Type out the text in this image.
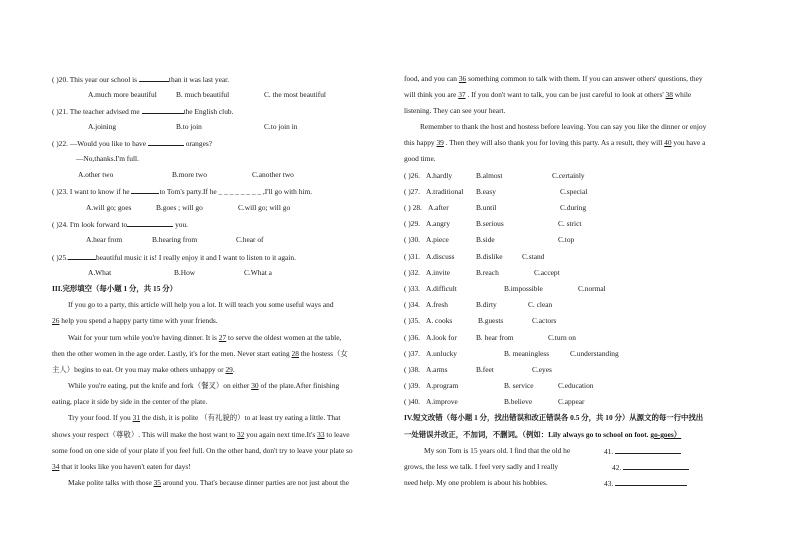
( )20. This year our school is	than it was last year.
A.much more beautiful	B. much beautiful	C. the most beautiful
( )21. The teacher advised me	the English club.
A.joining	B.to join	C.to join in
( )22. —Would you like to have	oranges?
—No,thanks.I'm full.
A.other two	B.more two	C.another two
( )23. I want to know if he	to Tom's party.If he _ _ _ _ _ _ _ _ ,I'll go with him.
A.will go; goes	B.goes ; will go	C.will go; will go
( )24. I'm look forward to	you.
A.hear from	B.hearing from	C.hear of
( )25.	beautiful music it is! I really enjoy it and I want to listen to it again.
A.What	B.How	C.What a
III.完形填空（每小题 1 分，共 15 分）
If you go to a party, this article will help you a lot. It will teach you some useful ways and
26 help you spend a happy party time with your friends.
Wait for your turn while you're having dinner. It is 27 to serve the oldest women at the table,
then the other women in the age order. Lastly, it's for the men. Never start eating 28 the hostess（女
主人）begins to eat. Or you may make others unhappy or 29.
While you're eating, put the knife and fork（餐叉）on either 30 of the plate.After finishing
eating, place it side by side in the center of the plate.
Try your food. If you 31 the dish, it is polite （有礼貌的）to at least try eating a little. That
shows your respect（尊敬）. This will make the host want to 32 you again next time.It's 33 to leave
some food on one side of your plate if you feel full. On the other hand, don't try to leave your plate so
34 that it looks like you haven't eaten for days!
Make polite talks with those 35 around you. That's because dinner parties are not just about the
food, and you can 36 something common to talk with them. If you can answer others' questions, they
will think you are 37 . If you don't want to talk, you can be just careful to look at others' 38 while
listening. They can see your heart.
Remember to thank the host and hostess before leaving. You can say you like the dinner or enjoy
this happy 39 . Then they will also thank you for loving this party. As a result, they will 40 you have a
good time.
( )26. A.hardly	B.almost	C.certainly
( )27. A.traditional B.easy	C.special
( ) 28. A.after	B.until	C.during
( )29. A.angry	B.serious	C. strict
( )30. A.piece	B.side	C.top
( )31. A.discuss	B.dislike	C.stand
( )32. A.invite	B.reach	C.accept
( )33. A.difficult	B.impossible	C.normal
( )34. A.fresh	B.dirty	C. clean
( )35. A. cooks	B.guests	C.actors
( )36. A.look for	B. hear from	C.turn on
( )37. A.unlucky	B. meaningless	C.understanding
( )38. A.arms	B.feet	C.eyes
( )39. A.program	B. service	C.education
( )40. A.improve	B.believe	C.appear
IV.短文改错（每小题 1 分，找出错误和改正错误各 0.5 分，共 10 分）从源文的每一行中找出
一处错误并改正，不加词，不删词。（例如：Lily always go to school on foot. go-goes）
My son Tom is 15 years old. I find that the old he	41.
grows, the less we talk. I feel very sadly and I really	42.
need help. My one problem is about his hobbies.	43.
